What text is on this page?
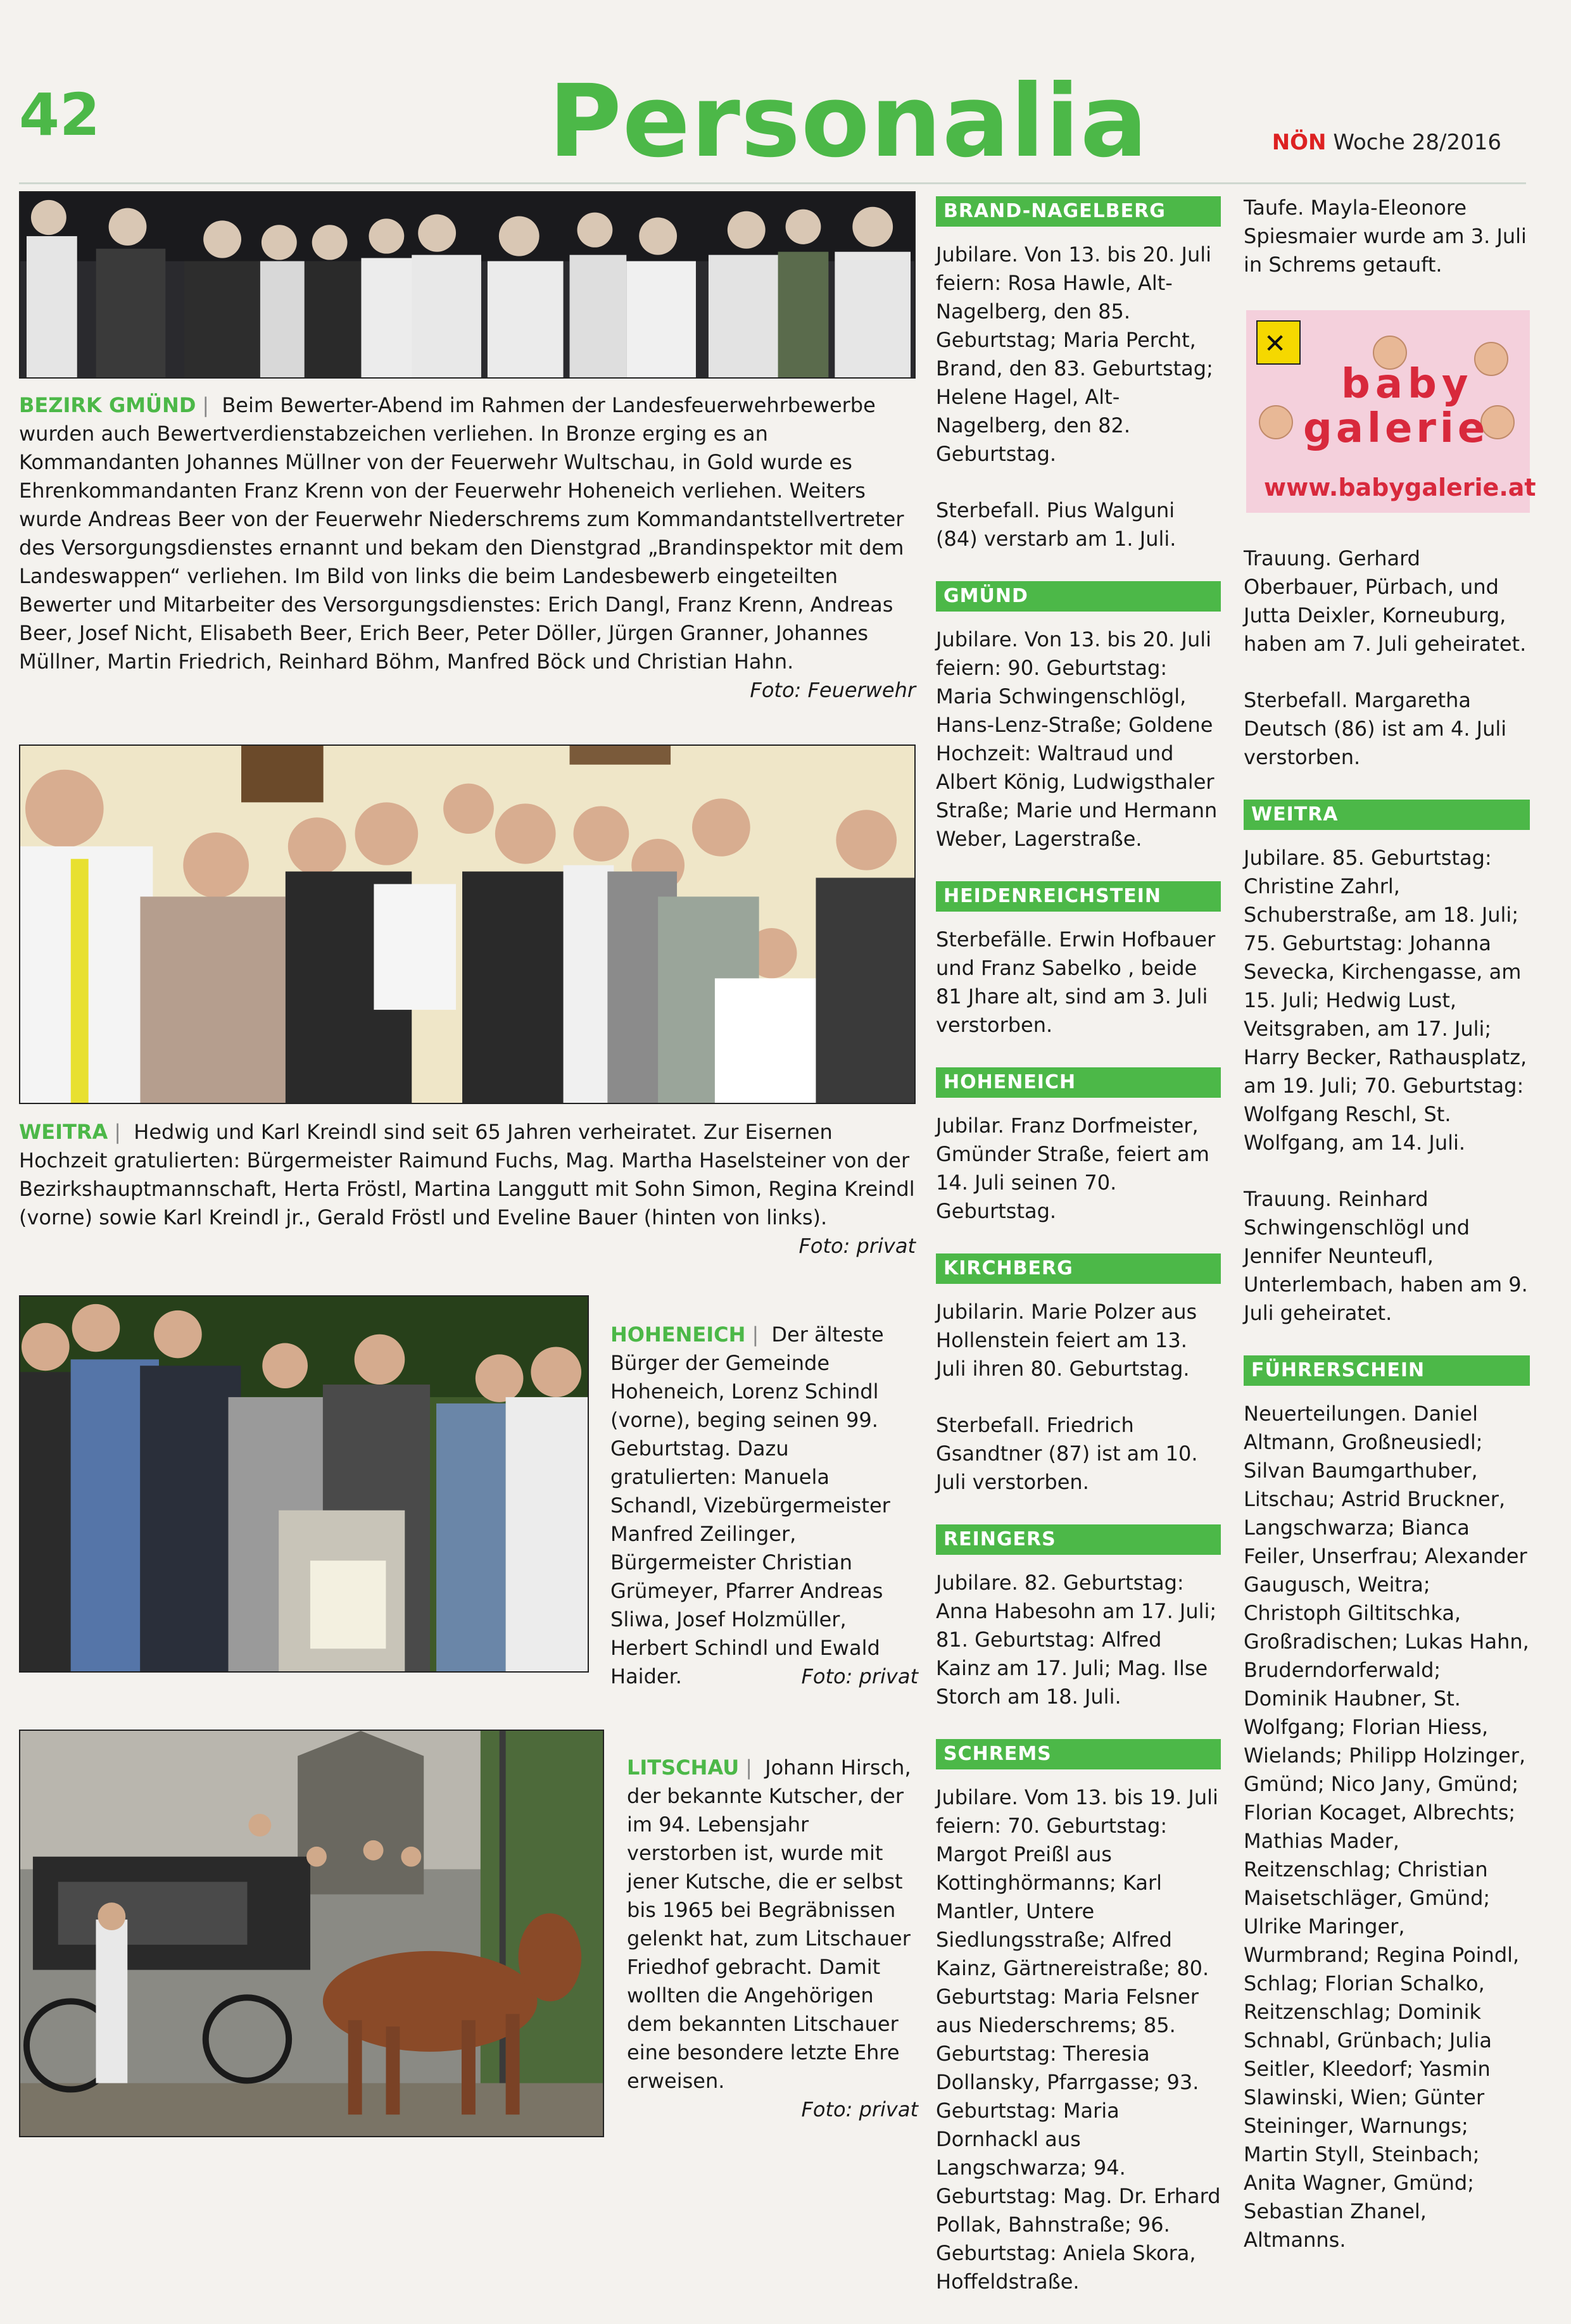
42	Personalia	NÖN Woche 28/2016
BEZIRK GMÜND | Beim Bewerter-Abend im Rahmen der Landesfeuerwehrbewerbe wurden auch Bewertverdienstabzeichen verliehen. In Bronze erging es an Kommandanten Johannes Müllner von der Feuerwehr Wultschau, in Gold wurde es Ehrenkommandanten Franz Krenn von der Feuerwehr Hoheneich verliehen. Weiters wurde Andreas Beer von der Feuerwehr Niederschrems zum Kommandantstellvertreter des Versorgungsdienstes ernannt und bekam den Dienstgrad „Brandinspektor mit dem Landeswappen“ verliehen. Im Bild von links die beim Landesbewerb eingeteilten Bewerter und Mitarbeiter des Versorgungsdienstes: Erich Dangl, Franz Krenn, Andreas Beer, Josef Nicht, Elisabeth Beer, Erich Beer, Peter Döller, Jürgen Granner, Johannes Müllner, Martin Friedrich, Reinhard Böhm, Manfred Böck und Christian Hahn.
Foto: Feuerwehr
WEITRA | Hedwig und Karl Kreindl sind seit 65 Jahren verheiratet. Zur Eisernen Hochzeit gratulierten: Bürgermeister Raimund Fuchs, Mag. Martha Haselsteiner von der Bezirkshauptmannschaft, Herta Fröstl, Martina Langgutt mit Sohn Simon, Regina Kreindl (vorne) sowie Karl Kreindl jr., Gerald Fröstl und Eveline Bauer (hinten von links).
Foto: privat
HOHENEICH | Der älteste Bürger der Gemeinde Hoheneich, Lorenz Schindl (vorne), beging seinen 99. Geburtstag. Dazu gratulierten: Manuela Schandl, Vizebürgermeister Manfred Zeilinger, Bürgermeister Christian Grümeyer, Pfarrer Andreas Sliwa, Josef Holzmüller, Herbert Schindl und Ewald Haider.	Foto: privat
LITSCHAU | Johann Hirsch, der bekannte Kutscher, der im 94. Lebensjahr verstorben ist, wurde mit jener Kutsche, die er selbst bis 1965 bei Begräbnissen gelenkt hat, zum Litschauer Friedhof gebracht. Damit wollten die Angehörigen dem bekannten Litschauer eine besondere letzte Ehre erweisen.
Foto: privat
BRAND-NAGELBERG

Jubilare. Von 13. bis 20. Juli feiern: Rosa Hawle, Alt-Nagelberg, den 85. Geburtstag; Maria Percht, Brand, den 83. Geburtstag; Helene Hagel, Alt-Nagelberg, den 82. Geburtstag.

Sterbefall. Pius Walguni (84) verstarb am 1. Juli.

GMÜND

Jubilare. Von 13. bis 20. Juli feiern: 90. Geburtstag: Maria Schwingenschlögl, Hans-Lenz-Straße; Goldene Hochzeit: Waltraud und Albert König, Ludwigsthaler Straße; Marie und Hermann Weber, Lagerstraße.

HEIDENREICHSTEIN

Sterbefälle. Erwin Hofbauer und Franz Sabelko , beide 81 Jhare alt, sind am 3. Juli verstorben.

HOHENEICH

Jubilar. Franz Dorfmeister, Gmünder Straße, feiert am 14. Juli seinen 70. Geburtstag.

KIRCHBERG

Jubilarin. Marie Polzer aus Hollenstein feiert am 13. Juli ihren 80. Geburtstag.

Sterbefall. Friedrich Gsandtner (87) ist am 10. Juli verstorben.

REINGERS

Jubilare. 82. Geburtstag: Anna Habesohn am 17. Juli; 81. Geburtstag: Alfred Kainz am 17. Juli; Mag. Ilse Storch am 18. Juli.

SCHREMS

Jubilare. Vom 13. bis 19. Juli feiern: 70. Geburtstag: Margot Preißl aus Kottinghörmanns; Karl Mantler, Untere Siedlungsstraße; Alfred Kainz, Gärtnereistraße; 80. Geburtstag: Maria Felsner aus Niederschrems; 85. Geburtstag: Theresia Dollansky, Pfarrgasse; 93. Geburtstag: Maria Dornhackl aus Langschwarza; 94. Geburtstag: Mag. Dr. Erhard Pollak, Bahnstraße; 96. Geburtstag: Aniela Skora, Hoffeldstraße.

Taufe. Mayla-Eleonore Spiesmaier wurde am 3. Juli in Schrems getauft.

✕
baby
galerie
www.babygalerie.at

Trauung. Gerhard Oberbauer, Pürbach, und Jutta Deixler, Korneuburg, haben am 7. Juli geheiratet.

Sterbefall. Margaretha Deutsch (86) ist am 4. Juli verstorben.

WEITRA

Jubilare. 85. Geburtstag: Christine Zahrl, Schuberstraße, am 18. Juli; 75. Geburtstag: Johanna Sevecka, Kirchengasse, am 15. Juli; Hedwig Lust, Veitsgraben, am 17. Juli; Harry Becker, Rathausplatz, am 19. Juli; 70. Geburtstag: Wolfgang Reschl, St. Wolfgang, am 14. Juli.

Trauung. Reinhard Schwingenschlögl und Jennifer Neunteufl, Unterlembach, haben am 9. Juli geheiratet.

FÜHRERSCHEIN

Neuerteilungen. Daniel Altmann, Großneusiedl; Silvan Baumgarthuber, Litschau; Astrid Bruckner, Langschwarza; Bianca Feiler, Unserfrau; Alexander Gaugusch, Weitra; Christoph Giltitschka, Großradischen; Lukas Hahn, Bruderndorferwald; Dominik Haubner, St. Wolfgang; Florian Hiess, Wielands; Philipp Holzinger, Gmünd; Nico Jany, Gmünd; Florian Kocaget, Albrechts; Mathias Mader, Reitzenschlag; Christian Maisetschläger, Gmünd; Ulrike Maringer, Wurmbrand; Regina Poindl, Schlag; Florian Schalko, Reitzenschlag; Dominik Schnabl, Grünbach; Julia Seitler, Kleedorf; Yasmin Slawinski, Wien; Günter Steininger, Warnungs; Martin Styll, Steinbach; Anita Wagner, Gmünd; Sebastian Zhanel, Altmanns.
